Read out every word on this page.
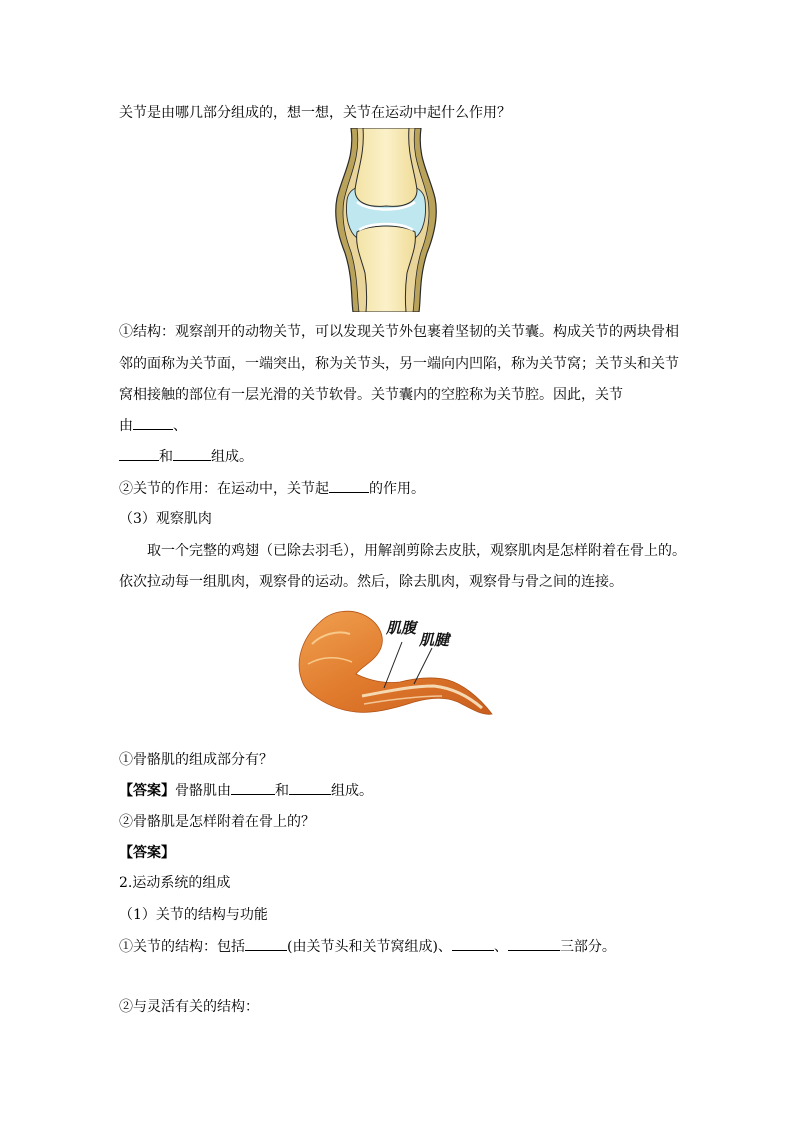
关节是由哪几部分组成的，想一想，关节在运动中起什么作用？
①结构：观察剖开的动物关节，可以发现关节外包裹着坚韧的关节囊。构成关节的两块骨相
邻的面称为关节面，一端突出，称为关节头，另一端向内凹陷，称为关节窝；关节头和关节
窝相接触的部位有一层光滑的关节软骨。关节囊内的空腔称为关节腔。因此，关节
由	、
和	组成。
②关节的作用：在运动中，关节起	的作用。
（3）观察肌肉
取一个完整的鸡翅（已除去羽毛），用解剖剪除去皮肤，观察肌肉是怎样附着在骨上的。
依次拉动每一组肌肉，观察骨的运动。然后，除去肌肉，观察骨与骨之间的连接。
肌腹
肌腱
①骨骼肌的组成部分有？
【答案】骨骼肌由	和	组成。
②骨骼肌是怎样附着在骨上的？
【答案】
2.运动系统的组成
（1）关节的结构与功能
①关节的结构：包括	(由关节头和关节窝组成)、	、	三部分。
②与灵活有关的结构：
